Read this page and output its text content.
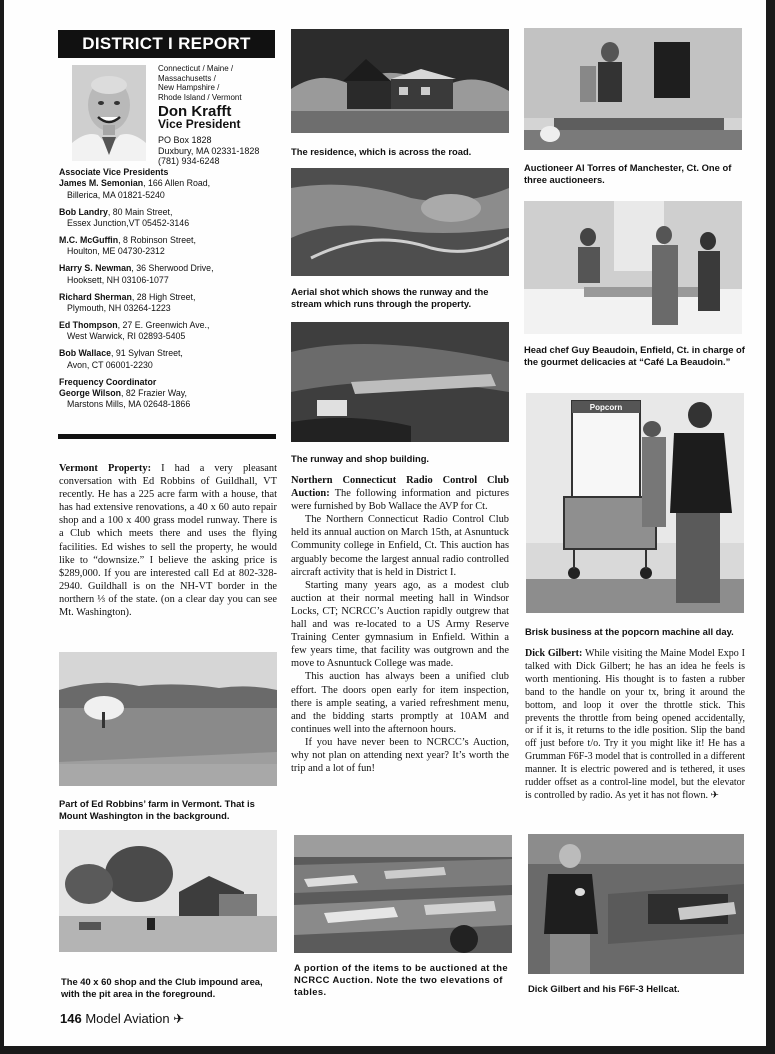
DISTRICT I REPORT
Connecticut / Maine /
Massachusetts /
New Hampshire /
Rhode Island / Vermont
Don Krafft
Vice President
PO Box 1828
Duxbury, MA 02331-1828
(781) 934-6248

Associate Vice Presidents

James M. Semonian, 166 Allen Road,
Billerica, MA 01821-5240

Bob Landry, 80 Main Street,
Essex Junction,VT 05452-3146

M.C. McGuffin, 8 Robinson Street,
Houlton, ME 04730-2312

Harry S. Newman, 36 Sherwood Drive,
Hooksett, NH 03106-1077

Richard Sherman, 28 High Street,
Plymouth, NH 03264-1223

Ed Thompson, 27 E. Greenwich Ave.,
West Warwick, RI 02893-5405

Bob Wallace, 91 Sylvan Street,
Avon, CT 06001-2230

Frequency Coordinator

George Wilson, 82 Frazier Way,
Marstons Mills, MA 02648-1866

Vermont Property: I had a very pleasant conversation with Ed Robbins of Guildhall, VT recently. He has a 225 acre farm with a house, that has had extensive renovations, a 40 x 60 auto repair shop and a 100 x 400 grass model runway. There is a Club which meets there and uses the flying facilities. Ed wishes to sell the property, he would like to “downsize.” I believe the asking price is $289,000. If you are interested call Ed at 802-328-2940. Guildhall is on the NH-VT border in the northern ⅓ of the state. (on a clear day you can see Mt. Washington).

Part of Ed Robbins’ farm in Vermont. That is Mount Washington in the background.
The 40 x 60 shop and the Club impound area, with the pit area in the foreground.
The residence, which is across the road.
Aerial shot which shows the runway and the stream which runs through the property.
The runway and shop building.

Northern Connecticut Radio Control Club Auction: The following information and pictures were furnished by Bob Wallace the AVP for Ct.

The Northern Connecticut Radio Control Club held its annual auction on March 15th, at Asnuntuck Community college in Enfield, Ct. This auction has arguably become the largest annual radio controlled aircraft activity that is held in District I.

Starting many years ago, as a modest club auction at their normal meeting hall in Windsor Locks, CT; NCRCC’s Auction rapidly outgrew that hall and was re-located to a US Army Reserve Training Center gymnasium in Enfield. Within a few years time, that facility was outgrown and the move to Asnuntuck College was made.

This auction has always been a unified club effort. The doors open early for item inspection, there is ample seating, a varied refreshment menu, and the bidding starts promptly at 10AM and continues well into the afternoon hours.

If you have never been to NCRCC’s Auction, why not plan on attending next year? It’s worth the trip and a lot of fun!

A portion of the items to be auctioned at the NCRCC Auction. Note the two elevations of tables.
Auctioneer Al Torres of Manchester, Ct. One of three auctioneers.
Head chef Guy Beaudoin, Enfield, Ct. in charge of the gourmet delicacies at “Café La Beaudoin.”
Popcorn
Brisk business at the popcorn machine all day.

Dick Gilbert: While visiting the Maine Model Expo I talked with Dick Gilbert; he has an idea he feels is worth mentioning. His thought is to fasten a rubber band to the handle on your tx, bring it around the bottom, and loop it over the throttle stick. This prevents the throttle from being opened accidentally, or if it is, it returns to the idle position. Slip the band off just before t/o. Try it you might like it! He has a Grumman F6F-3 model that is controlled in a different manner. It is electric powered and is tethered, it uses rudder offset as a control-line model, but the elevator is controlled by radio. As yet it has not flown. ✈

Dick Gilbert and his F6F-3 Hellcat.
146 Model Aviation ✈
